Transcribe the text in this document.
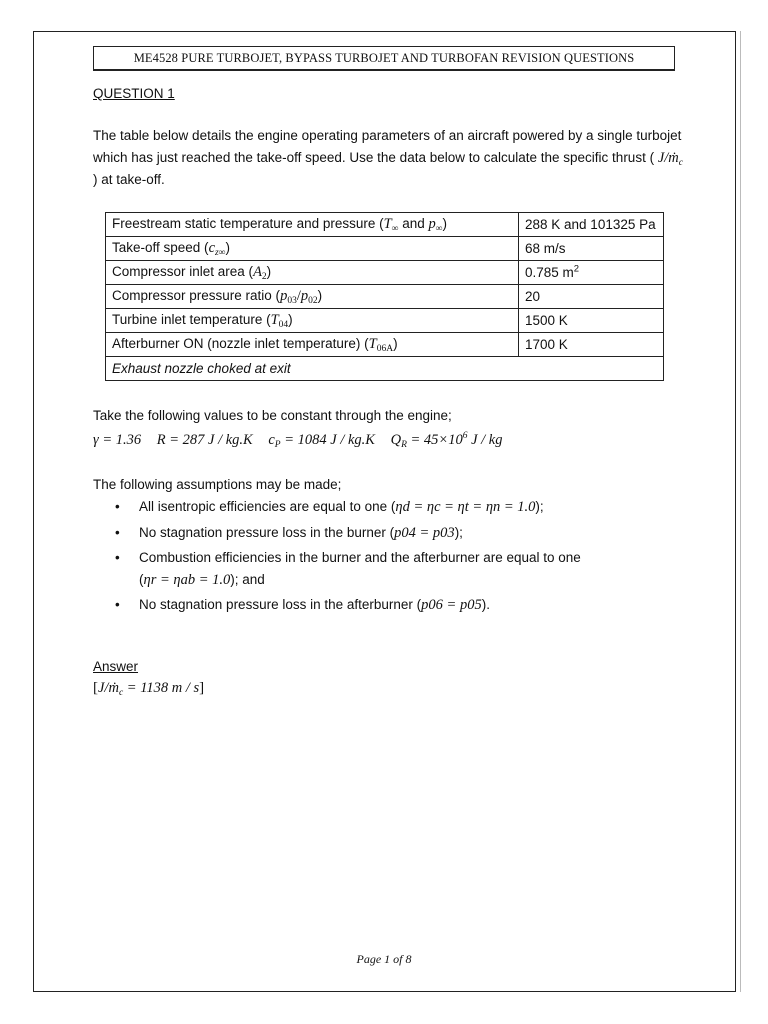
ME4528 PURE TURBOJET, BYPASS TURBOJET AND TURBOFAN REVISION QUESTIONS
QUESTION 1
The table below details the engine operating parameters of an aircraft powered by a single turbojet which has just reached the take-off speed. Use the data below to calculate the specific thrust ( J/ṁ$_c$ ) at take-off.
Freestream static temperature and pressure ($T_\infty$ and $p_\infty$)	288 K and 101325 Pa
Take-off speed $(c_{z\infty})$	68 m/s
Compressor inlet area $(A_2)$	0.785 $m^2$
Compressor pressure ratio $(p_{03}/p_{02})$	20
Turbine inlet temperature $(T_{04})$	1500 K
Afterburner ON (nozzle inlet temperature) $(T_{06A})$	1700 K
Exhaust nozzle choked at exit	
Take the following values to be constant through the engine;
γ = 1.36 R = 287 J / kg.K $c_P = 1084$ J / kg.K $Q_R = 45\times 10^6$ J / kg
The following assumptions may be made;
• All isentropic efficiencies are equal to one (ηd = ηc = ηt = ηn = 1.0);
• No stagnation pressure loss in the burner (p04 = p03);
• Combustion efficiencies in the burner and the afterburner are equal to one
(ηr = ηab = 1.0); and
• No stagnation pressure loss in the afterburner (p06 = p05).
Answer
[J/ṁ$_c$ = 1138 m / s]
Page 1 of 8
